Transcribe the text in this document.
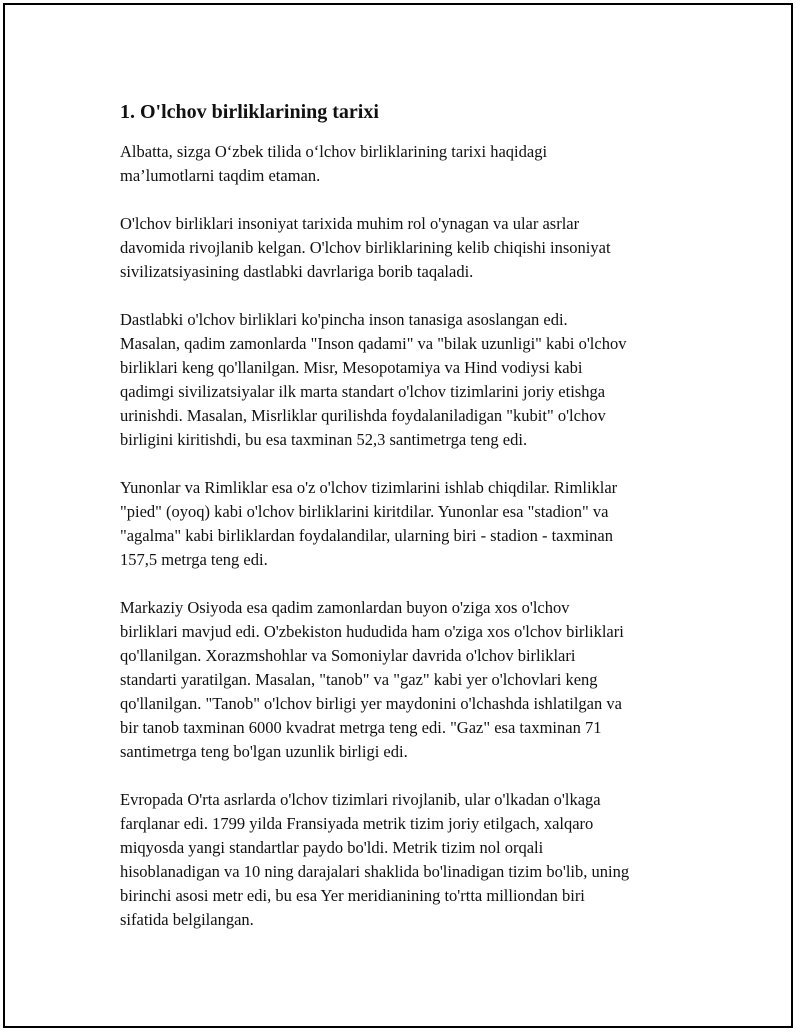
1. O'lchov birliklarining tarixi
Albatta, sizga O‘zbek tilida o‘lchov birliklarining tarixi haqidagi
ma’lumotlarni taqdim etaman.
O'lchov birliklari insoniyat tarixida muhim rol o'ynagan va ular asrlar
davomida rivojlanib kelgan. O'lchov birliklarining kelib chiqishi insoniyat
sivilizatsiyasining dastlabki davrlariga borib taqaladi.
Dastlabki o'lchov birliklari ko'pincha inson tanasiga asoslangan edi.
Masalan, qadim zamonlarda "Inson qadami" va "bilak uzunligi" kabi o'lchov
birliklari keng qo'llanilgan. Misr, Mesopotamiya va Hind vodiysi kabi
qadimgi sivilizatsiyalar ilk marta standart o'lchov tizimlarini joriy etishga
urinishdi. Masalan, Misrliklar qurilishda foydalaniladigan "kubit" o'lchov
birligini kiritishdi, bu esa taxminan 52,3 santimetrga teng edi.
Yunonlar va Rimliklar esa o'z o'lchov tizimlarini ishlab chiqdilar. Rimliklar
"pied" (oyoq) kabi o'lchov birliklarini kiritdilar. Yunonlar esa "stadion" va
"agalma" kabi birliklardan foydalandilar, ularning biri - stadion - taxminan
157,5 metrga teng edi.
Markaziy Osiyoda esa qadim zamonlardan buyon o'ziga xos o'lchov
birliklari mavjud edi. O'zbekiston hududida ham o'ziga xos o'lchov birliklari
qo'llanilgan. Xorazmshohlar va Somoniylar davrida o'lchov birliklari
standarti yaratilgan. Masalan, "tanob" va "gaz" kabi yer o'lchovlari keng
qo'llanilgan. "Tanob" o'lchov birligi yer maydonini o'lchashda ishlatilgan va
bir tanob taxminan 6000 kvadrat metrga teng edi. "Gaz" esa taxminan 71
santimetrga teng bo'lgan uzunlik birligi edi.
Evropada O'rta asrlarda o'lchov tizimlari rivojlanib, ular o'lkadan o'lkaga
farqlanar edi. 1799 yilda Fransiyada metrik tizim joriy etilgach, xalqaro
miqyosda yangi standartlar paydo bo'ldi. Metrik tizim nol orqali
hisoblanadigan va 10 ning darajalari shaklida bo'linadigan tizim bo'lib, uning
birinchi asosi metr edi, bu esa Yer meridianining to'rtta milliondan biri
sifatida belgilangan.
